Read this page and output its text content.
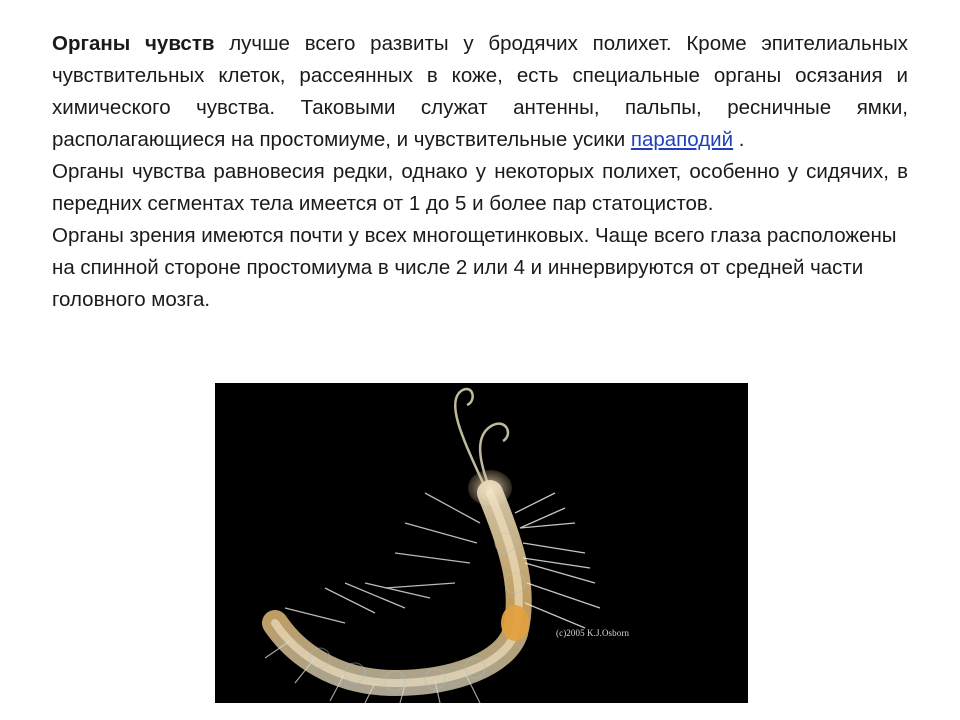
Органы чувств лучше всего развиты у бродячих полихет. Кроме эпителиальных чувствительных клеток, рассеянных в коже, есть специальные органы осязания и химического чувства. Таковыми служат антенны, пальпы, ресничные ямки, располагающиеся на простомиуме, и чувствительные усики параподий .

Органы чувства равновесия редки, однако у некоторых полихет, особенно у сидячих, в передних сегментах тела имеется от 1 до 5 и более пар статоцистов.

Органы зрения имеются почти у всех многощетинковых. Чаще всего глаза расположены на спинной стороне простомиума в числе 2 или 4 и иннервируются от средней части головного мозга.

(c)2005 K.J.Osborn
